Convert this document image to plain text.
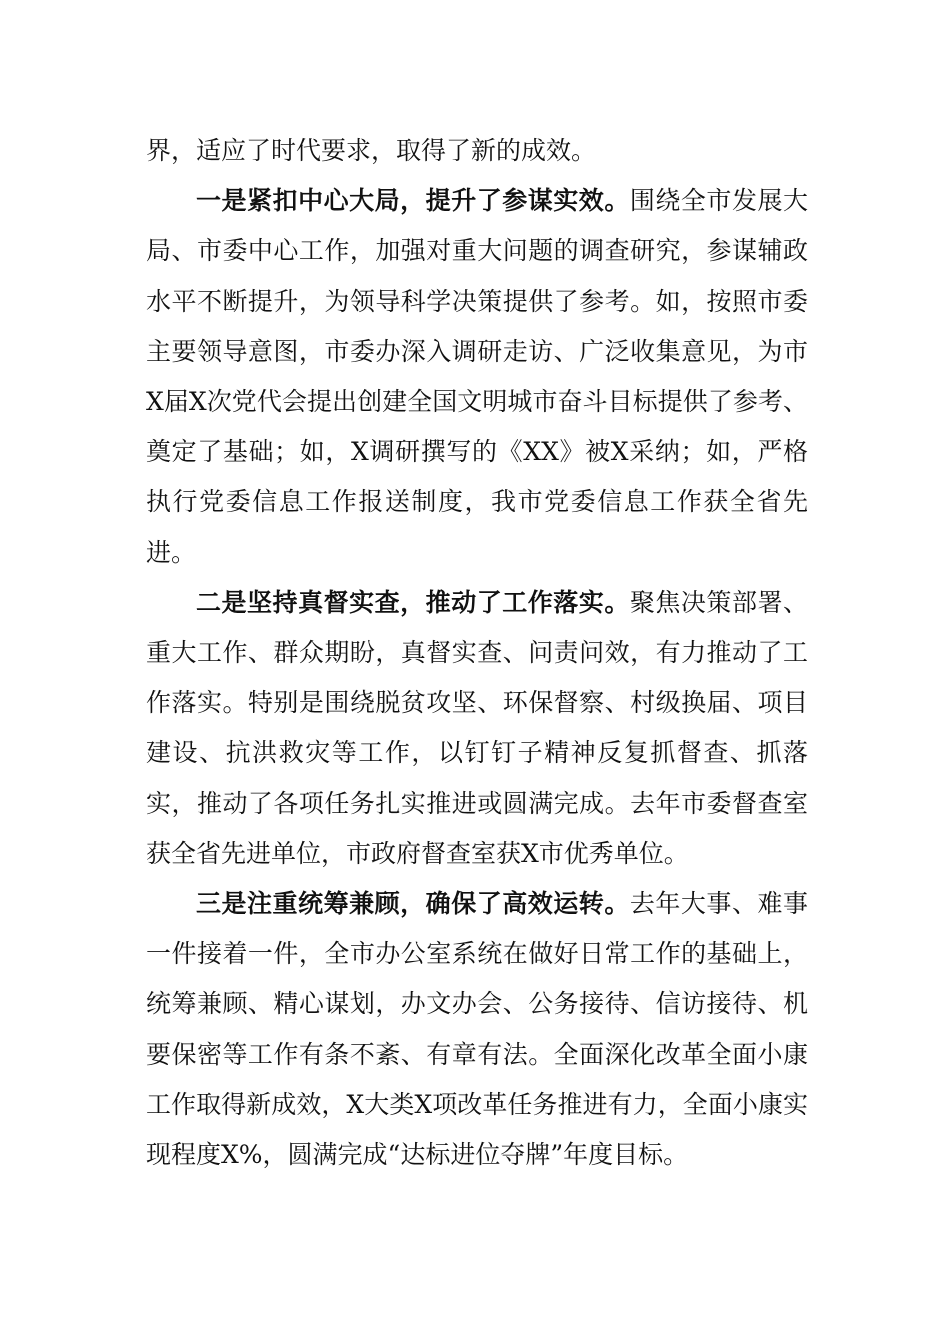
界，适应了时代要求，取得了新的成效。

一是紧扣中心大局，提升了参谋实效。围绕全市发展大局、市委中心工作，加强对重大问题的调查研究，参谋辅政水平不断提升，为领导科学决策提供了参考。如，按照市委主要领导意图，市委办深入调研走访、广泛收集意见，为市X届X次党代会提出创建全国文明城市奋斗目标提供了参考、奠定了基础；如，X调研撰写的《XX》被X采纳；如，严格执行党委信息工作报送制度，我市党委信息工作获全省先进。

二是坚持真督实查，推动了工作落实。聚焦决策部署、重大工作、群众期盼，真督实查、问责问效，有力推动了工作落实。特别是围绕脱贫攻坚、环保督察、村级换届、项目建设、抗洪救灾等工作，以钉钉子精神反复抓督查、抓落实，推动了各项任务扎实推进或圆满完成。去年市委督查室获全省先进单位，市政府督查室获X市优秀单位。

三是注重统筹兼顾，确保了高效运转。去年大事、难事一件接着一件，全市办公室系统在做好日常工作的基础上，统筹兼顾、精心谋划，办文办会、公务接待、信访接待、机要保密等工作有条不紊、有章有法。全面深化改革全面小康工作取得新成效，X大类X项改革任务推进有力，全面小康实现程度X%，圆满完成“达标进位夺牌”年度目标。
